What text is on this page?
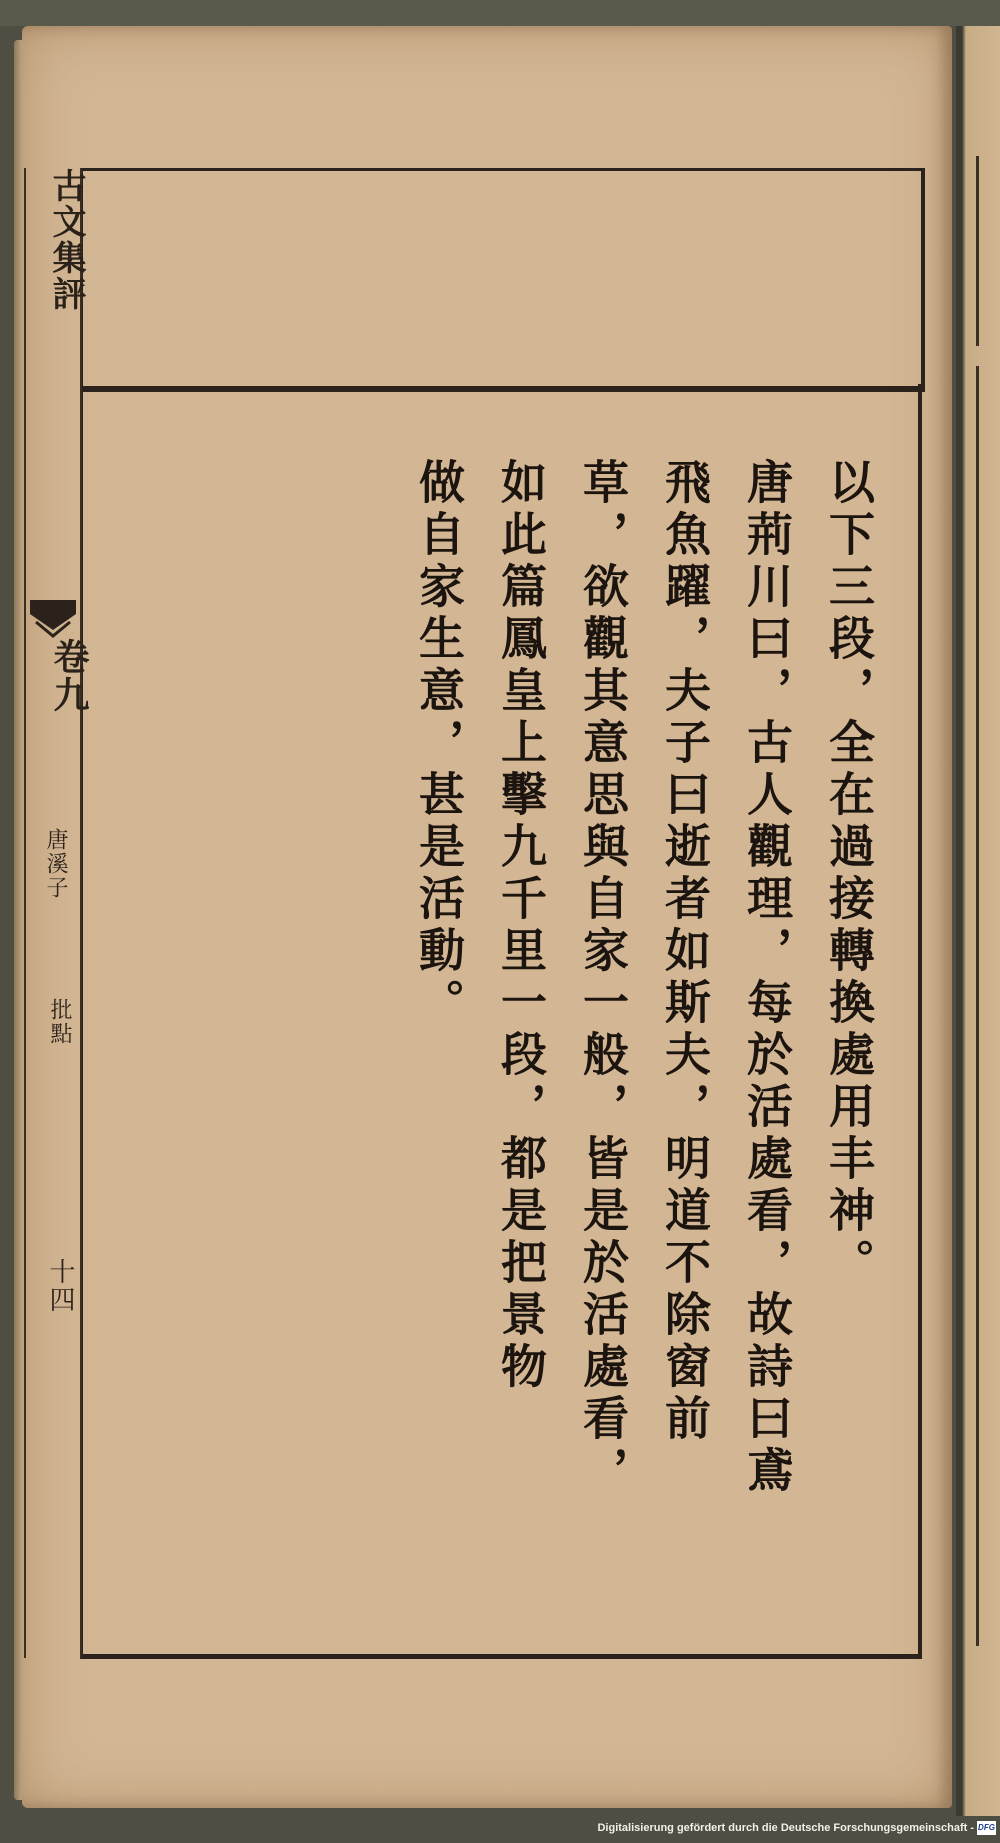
古文集評
卷九
唐溪子
批點
十四	以下三段，全在過接轉換處用丰神。
唐荊川曰，古人觀理，每於活處看，故詩曰鳶
飛魚躍，夫子曰逝者如斯夫，明道不除窗前
草，欲觀其意思與自家一般，皆是於活處看，
如此篇鳳皇上擊九千里一段，都是把景物
做自家生意，甚是活動。
Digitalisierung gefördert durch die Deutsche Forschungsgemeinschaft - DFG
